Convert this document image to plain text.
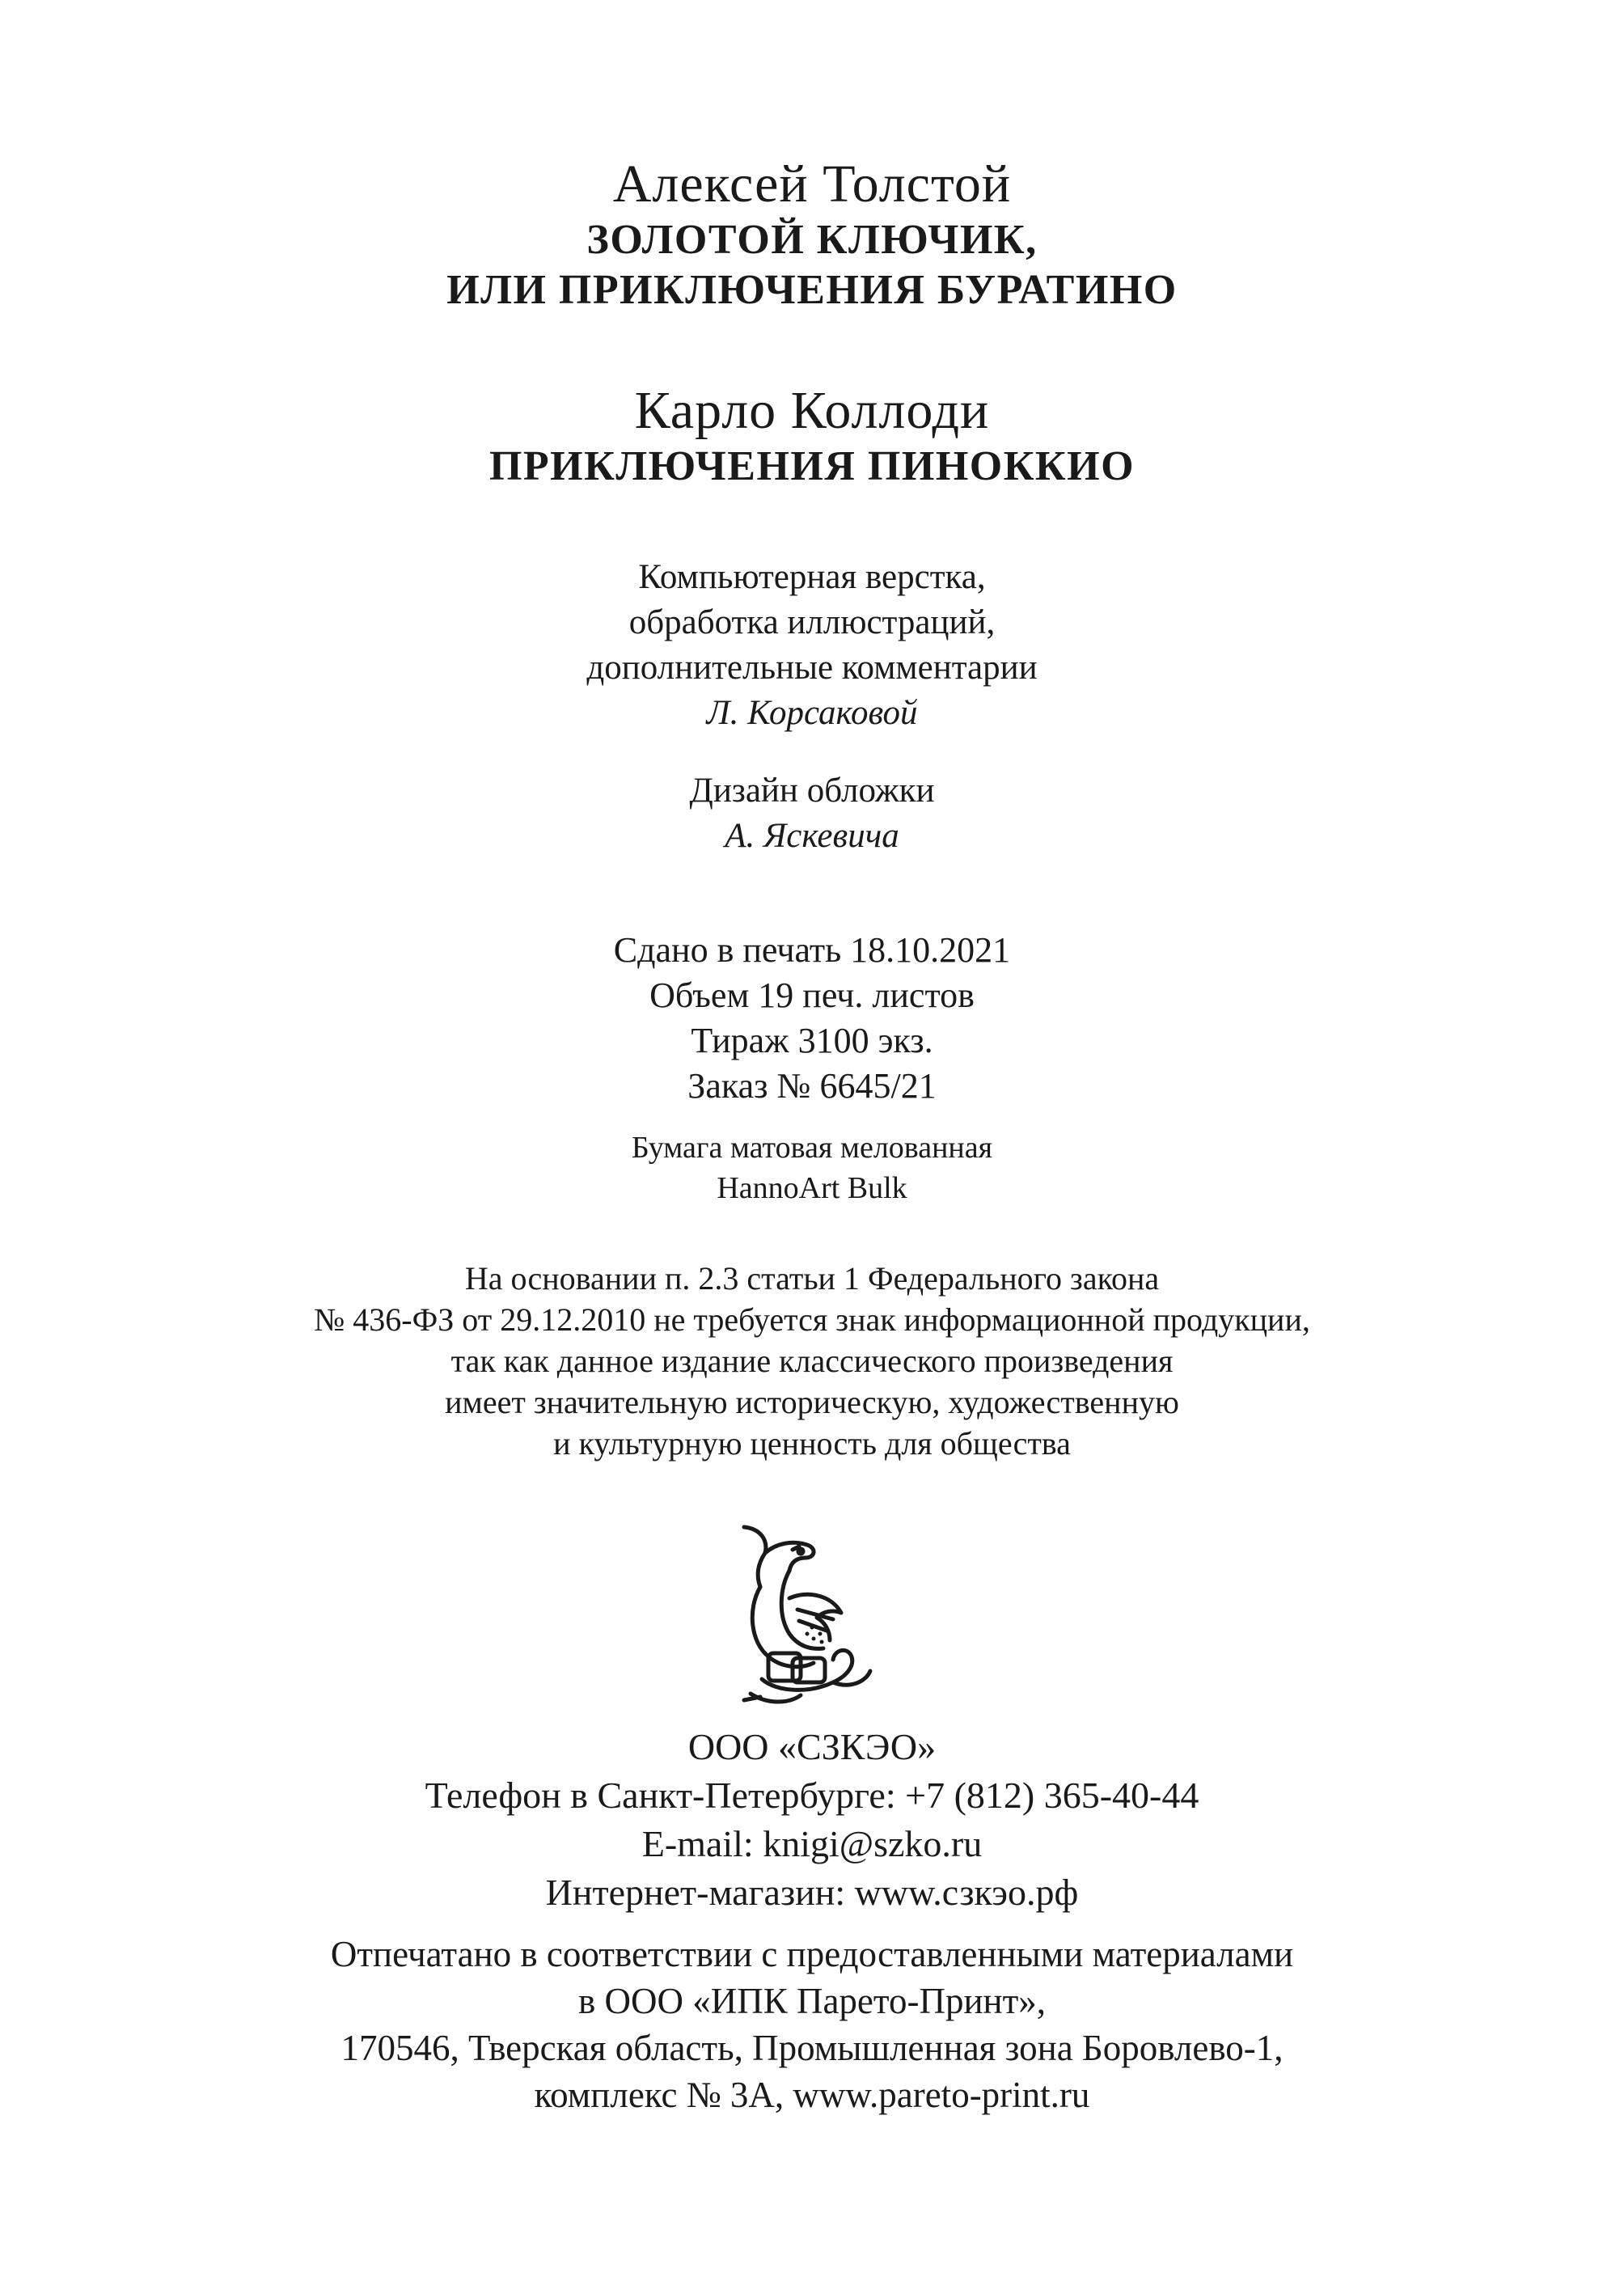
Алексей Толстой
ЗОЛОТОЙ КЛЮЧИК,
ИЛИ ПРИКЛЮЧЕНИЯ БУРАТИНО
Карло Коллоди
ПРИКЛЮЧЕНИЯ ПИНОККИО
Компьютерная верстка,
обработка иллюстраций,
дополнительные комментарии
Л. Корсаковой
Дизайн обложки
А. Яскевича
Сдано в печать 18.10.2021
Объем 19 печ. листов
Тираж 3100 экз.
Заказ № 6645/21
Бумага матовая мелованная
HannoArt Bulk
На основании п. 2.3 статьи 1 Федерального закона
№ 436-ФЗ от 29.12.2010 не требуется знак информационной продукции,
так как данное издание классического произведения
имеет значительную историческую, художественную
и культурную ценность для общества
ООО «СЗКЭО»
Телефон в Санкт-Петербурге: +7 (812) 365-40-44
E-mail: knigi@szko.ru
Интернет-магазин: www.сзкэо.рф
Отпечатано в соответствии с предоставленными материалами
в ООО «ИПК Парето-Принт»,
170546, Тверская область, Промышленная зона Боровлево-1,
комплекс № 3А, www.pareto-print.ru
